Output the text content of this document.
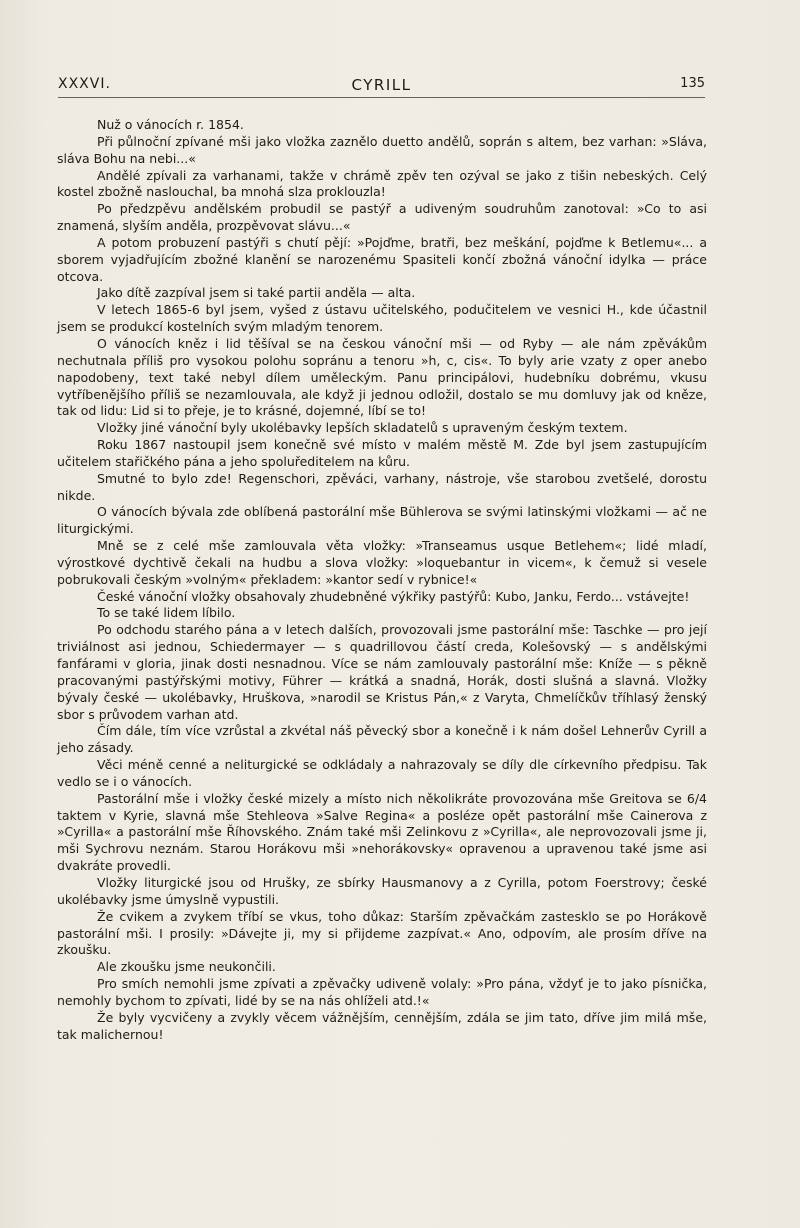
XXXVI.	CYRILL	135

Nuž o vánocích r. 1854.

Při půlnoční zpívané mši jako vložka zaznělo duetto andělů, soprán s altem, bez varhan: »Sláva, sláva Bohu na nebi...«

Andělé zpívali za varhanami, takže v chrámě zpěv ten ozýval se jako z tišin nebeských. Celý kostel zbožně naslouchal, ba mnohá slza proklouzla!

Po předzpěvu andělském probudil se pastýř a udiveným soudruhům zanotoval: »Co to asi znamená, slyším anděla, prozpěvovat slávu...«

A potom probuzení pastýři s chutí pějí: »Pojďme, bratři, bez meškání, pojďme k Betlemu«... a sborem vyjadřujícím zbožné klanění se narozenému Spasiteli končí zbožná vánoční idylka — práce otcova.

Jako dítě zazpíval jsem si také partii anděla — alta.

V letech 1865-6 byl jsem, vyšed z ústavu učitelského, podučitelem ve vesnici H., kde účastnil jsem se produkcí kostelních svým mladým tenorem.

O vánocích kněz i lid těšíval se na českou vánoční mši — od Ryby — ale nám zpěvákům nechutnala příliš pro vysokou polohu sopránu a tenoru »h, c, cis«. To byly arie vzaty z oper anebo napodobeny, text také nebyl dílem uměleckým. Panu principálovi, hudebníku dobrému, vkusu vytříbenějšího příliš se nezamlouvala, ale když ji jednou odložil, dostalo se mu domluvy jak od kněze, tak od lidu: Lid si to přeje, je to krásné, dojemné, líbí se to!

Vložky jiné vánoční byly ukolébavky lepších skladatelů s upraveným českým textem.

Roku 1867 nastoupil jsem konečně své místo v malém městě M. Zde byl jsem zastupujícím učitelem stařičkého pána a jeho spoluředitelem na kůru.

Smutné to bylo zde! Regenschori, zpěváci, varhany, nástroje, vše starobou zvetšelé, dorostu nikde.

O vánocích bývala zde oblíbená pastorální mše Bühlerova se svými latinskými vložkami — ač ne liturgickými.

Mně se z celé mše zamlouvala věta vložky: »Transeamus usque Betlehem«; lidé mladí, výrostkové dychtivě čekali na hudbu a slova vložky: »loquebantur in vicem«, k čemuž si vesele pobrukovali českým »volným« překladem: »kantor sedí v rybnice!«

České vánoční vložky obsahovaly zhudebněné výkřiky pastýřů: Kubo, Janku, Ferdo... vstávejte!

To se také lidem líbilo.

Po odchodu starého pána a v letech dalších, provozovali jsme pastorální mše: Taschke — pro její triviálnost asi jednou, Schiedermayer — s quadrillovou částí creda, Kolešovský — s andělskými fanfárami v gloria, jinak dosti nesnadnou. Více se nám zamlouvaly pastorální mše: Kníže — s pěkně pracovanými pastýřskými motivy, Führer — krátká a snadná, Horák, dosti slušná a slavná. Vložky bývaly české — ukolébavky, Hruškova, »narodil se Kristus Pán,« z Varyta, Chmelíčkův tříhlasý ženský sbor s průvodem varhan atd.

Čím dále, tím více vzrůstal a zkvétal náš pěvecký sbor a konečně i k nám došel Lehnerův Cyrill a jeho zásady.

Věci méně cenné a neliturgické se odkládaly a nahrazovaly se díly dle církevního předpisu. Tak vedlo se i o vánocích.

Pastorální mše i vložky české mizely a místo nich několikráte provozována mše Greitova se 6/4 taktem v Kyrie, slavná mše Stehleova »Salve Regina« a posléze opět pastorální mše Cainerova z »Cyrilla« a pastorální mše Říhovského. Znám také mši Zelinkovu z »Cyrilla«, ale neprovozovali jsme ji, mši Sychrovu neznám. Starou Horákovu mši »nehorákovsky« opravenou a upravenou také jsme asi dvakráte provedli.

Vložky liturgické jsou od Hrušky, ze sbírky Hausmanovy a z Cyrilla, potom Foerstrovy; české ukolébavky jsme úmyslně vypustili.

Že cvikem a zvykem tříbí se vkus, toho důkaz: Starším zpěvačkám zastesklo se po Horákově pastorální mši. I prosily: »Dávejte ji, my si přijdeme zazpívat.« Ano, odpovím, ale prosím dříve na zkoušku.

Ale zkoušku jsme neukončili.

Pro smích nemohli jsme zpívati a zpěvačky udiveně volaly: »Pro pána, vždyť je to jako písnička, nemohly bychom to zpívati, lidé by se na nás ohlíželi atd.!«

Že byly vycvičeny a zvykly věcem vážnějším, cennějším, zdála se jim tato, dříve jim milá mše, tak malichernou!
